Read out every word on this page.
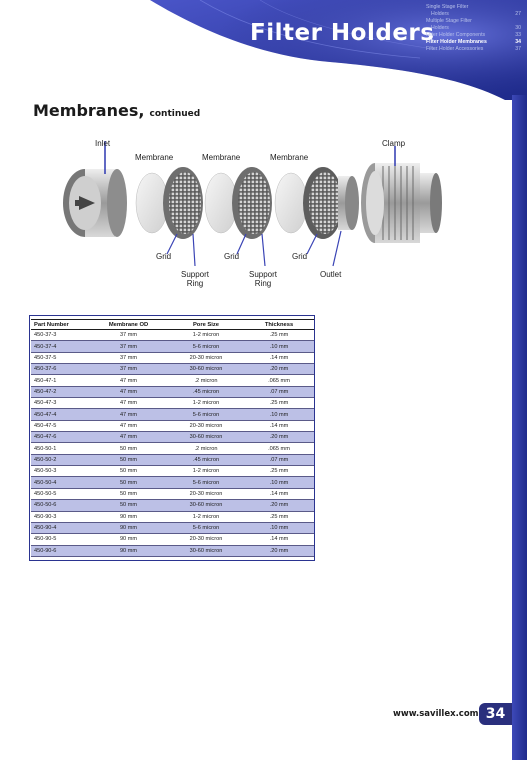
Filter Holders
Single Stage Filter
Holders	27
Multiple Stage Filter
Holders	30
Filter Holder Components	33
Filter Holder Membranes	34
Filter Holder Accessories	37
Membranes, continued
Inlet	Clamp
Membrane	Membrane	Membrane
Grid	Grid	Grid
Support
Ring
Support
Ring
Outlet
Part Number	Membrane OD	Pore Size	Thickness
450-37-3	37 mm	1-2 micron	.25 mm
450-37-4	37 mm	5-6 micron	.10 mm
450-37-5	37 mm	20-30 micron	.14 mm
450-37-6	37 mm	30-60 micron	.20 mm
450-47-1	47 mm	.2 micron	.065 mm
450-47-2	47 mm	.45 micron	.07 mm
450-47-3	47 mm	1-2 micron	.25 mm
450-47-4	47 mm	5-6 micron	.10 mm
450-47-5	47 mm	20-30 micron	.14 mm
450-47-6	47 mm	30-60 micron	.20 mm
450-50-1	50 mm	.2 micron	.065 mm
450-50-2	50 mm	.45 micron	.07 mm
450-50-3	50 mm	1-2 micron	.25 mm
450-50-4	50 mm	5-6 micron	.10 mm
450-50-5	50 mm	20-30 micron	.14 mm
450-50-6	50 mm	30-60 micron	.20 mm
450-90-3	90 mm	1-2 micron	.25 mm
450-90-4	90 mm	5-6 micron	.10 mm
450-90-5	90 mm	20-30 micron	.14 mm
450-90-6	90 mm	30-60 micron	.20 mm
www.savillex.com 34
